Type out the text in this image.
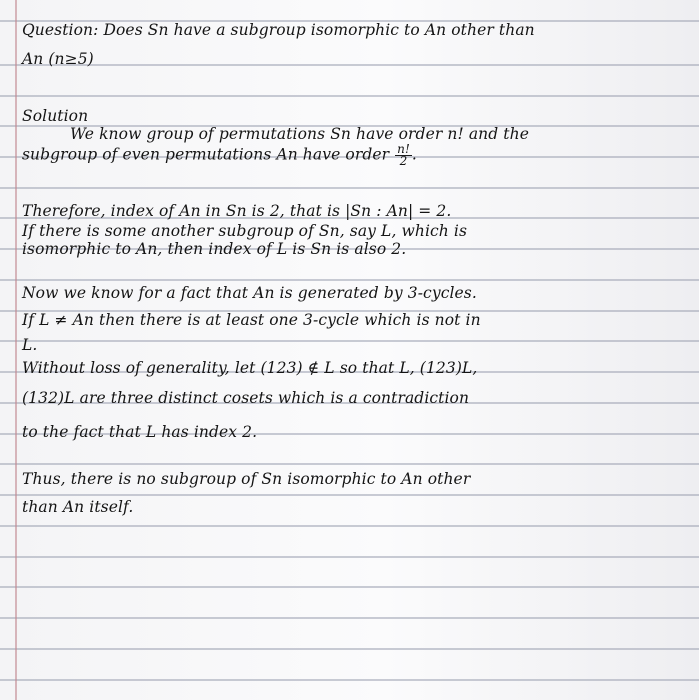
Question: Does Sn have a subgroup isomorphic to An other than
An (n≥5)
Solution
We know group of permutations Sn have order n! and the
subgroup of even permutations An have order $\frac{n!}{2}$ .
Therefore, index of An in Sn is 2, that is |Sn : An| = 2.
If there is some another subgroup of Sn, say L, which is
isomorphic to An, then index of L is Sn is also 2.
Now we know for a fact that An is generated by 3-cycles.
If L ≠ An then there is at least one 3-cycle which is not in
L.
Without loss of generality, let (123) ∉ L so that L, (123)L,
(132)L are three distinct cosets which is a contradiction
to the fact that L has index 2.
Thus, there is no subgroup of Sn isomorphic to An other
than An itself.
